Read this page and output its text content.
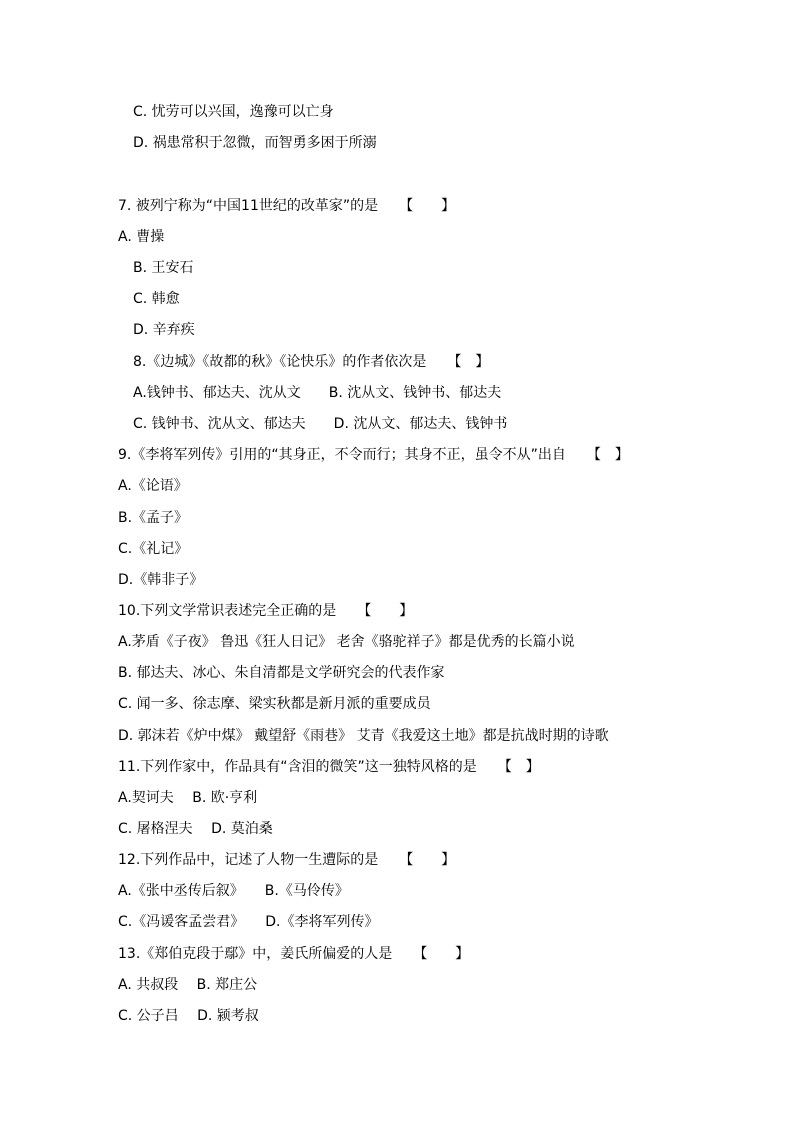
C. 忧劳可以兴国，逸豫可以亡身
D. 祸患常积于忽微，而智勇多困于所溺
7. 被列宁称为“中国11世纪的改革家”的是　　【　　】
A. 曹操
B. 王安石
C. 韩愈
D. 辛弃疾
8.《边城》《故都的秋》《论快乐》的作者依次是　　【　】
A.钱钟书、郁达夫、沈从文　　B. 沈从文、钱钟书、郁达夫
C. 钱钟书、沈从文、郁达夫　　D. 沈从文、郁达夫、钱钟书
9.《李将军列传》引用的“其身正，不令而行；其身不正，虽令不从”出自　　【　】
A.《论语》
B.《孟子》
C.《礼记》
D.《韩非子》
10.下列文学常识表述完全正确的是　　【　　】
A.茅盾《子夜》 鲁迅《狂人日记》 老舍《骆驼祥子》都是优秀的长篇小说
B. 郁达夫、冰心、朱自清都是文学研究会的代表作家
C. 闻一多、徐志摩、梁实秋都是新月派的重要成员
D. 郭沫若《炉中煤》 戴望舒《雨巷》 艾青《我爱这土地》都是抗战时期的诗歌
11.下列作家中，作品具有“含泪的微笑”这一独特风格的是　　【　】
A.契诃夫　 B. 欧·亨利
C. 屠格涅夫　 D. 莫泊桑
12.下列作品中，记述了人物一生遭际的是　　【　　】
A.《张中丞传后叙》　　B.《马伶传》
C.《冯谖客孟尝君》　　D.《李将军列传》
13.《郑伯克段于鄢》中，姜氏所偏爱的人是　　【　　】
A. 共叔段　 B. 郑庄公
C. 公子吕　 D. 颍考叔
